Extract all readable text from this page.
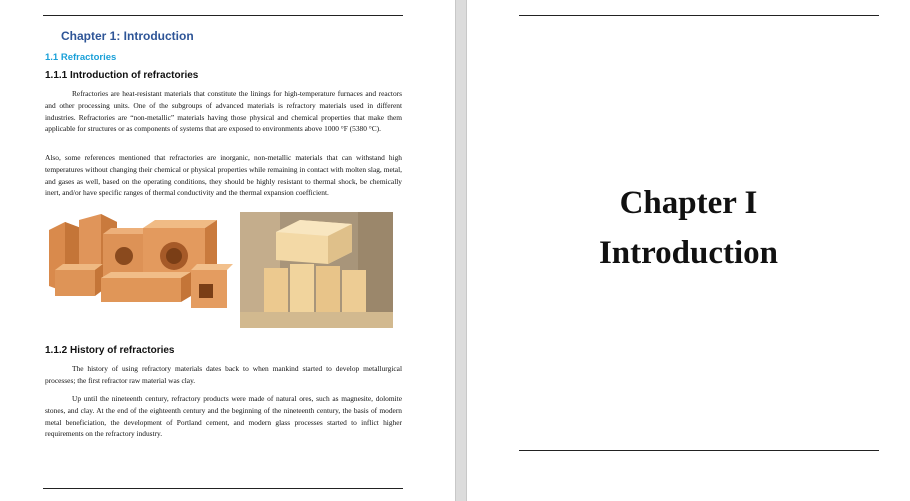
Chapter 1: Introduction
1.1 Refractories
1.1.1 Introduction of refractories

Refractories are heat-resistant materials that constitute the linings for high-temperature furnaces and reactors and other processing units. One of the subgroups of advanced materials is refractory materials used in different industries. Refractories are “non-metallic” materials having those physical and chemical properties that make them applicable for structures or as components of systems that are exposed to environments above 1000 °F (5380 °C).

Also, some references mentioned that refractories are inorganic, non-metallic materials that can withstand high temperatures without changing their chemical or physical properties while remaining in contact with molten slag, metal, and gases as well, based on the operating conditions, they should be highly resistant to thermal shock, be chemically inert, and/or have specific ranges of thermal conductivity and the thermal expansion coefficient.

1.1.2 History of refractories

The history of using refractory materials dates back to when mankind started to develop metallurgical processes; the first refractor raw material was clay.

Up until the nineteenth century, refractory products were made of natural ores, such as magnesite, dolomite stones, and clay. At the end of the eighteenth century and the beginning of the nineteenth century, the basis of modern metal beneficiation, the development of Portland cement, and modern glass processes started to inflict higher requirements on the refractory industry.

Chapter I
Introduction
